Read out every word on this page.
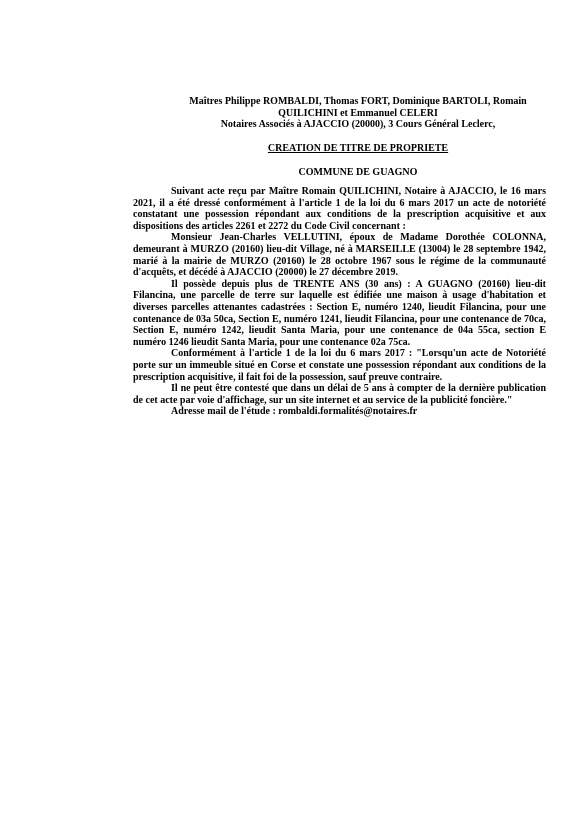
Maîtres Philippe ROMBALDI, Thomas FORT, Dominique BARTOLI, Romain
QUILICHINI et Emmanuel CELERI
Notaires Associés à AJACCIO (20000), 3 Cours Général Leclerc,
CREATION DE TITRE DE PROPRIETE
COMMUNE DE GUAGNO

Suivant acte reçu par Maître Romain QUILICHINI, Notaire à AJACCIO, le 16 mars 2021, il a été dressé conformément à l'article 1 de la loi du 6 mars 2017 un acte de notoriété constatant une possession répondant aux conditions de la prescription acquisitive et aux dispositions des articles 2261 et 2272 du Code Civil concernant :

Monsieur Jean-Charles VELLUTINI, époux de Madame Dorothée COLONNA, demeurant à MURZO (20160) lieu-dit Village, né à MARSEILLE (13004) le 28 septembre 1942, marié à la mairie de MURZO (20160) le 28 octobre 1967 sous le régime de la communauté d'acquêts, et décédé à AJACCIO (20000) le 27 décembre 2019.

Il possède depuis plus de TRENTE ANS (30 ans) : A GUAGNO (20160) lieu-dit Filancina, une parcelle de terre sur laquelle est édifiée une maison à usage d'habitation et diverses parcelles attenantes cadastrées : Section E, numéro 1240, lieudit Filancina, pour une contenance de 03a 50ca, Section E, numéro 1241, lieudit Filancina, pour une contenance de 70ca, Section E, numéro 1242, lieudit Santa Maria, pour une contenance de 04a 55ca, section E numéro 1246 lieudit Santa Maria, pour une contenance 02a 75ca.

Conformément à l'article 1 de la loi du 6 mars 2017 : "Lorsqu'un acte de Notoriété porte sur un immeuble situé en Corse et constate une possession répondant aux conditions de la prescription acquisitive, il fait foi de la possession, sauf preuve contraire.

Il ne peut être contesté que dans un délai de 5 ans à compter de la dernière publication de cet acte par voie d'affichage, sur un site internet et au service de la publicité foncière."

Adresse mail de l'étude : rombaldi.formalités@notaires.fr
